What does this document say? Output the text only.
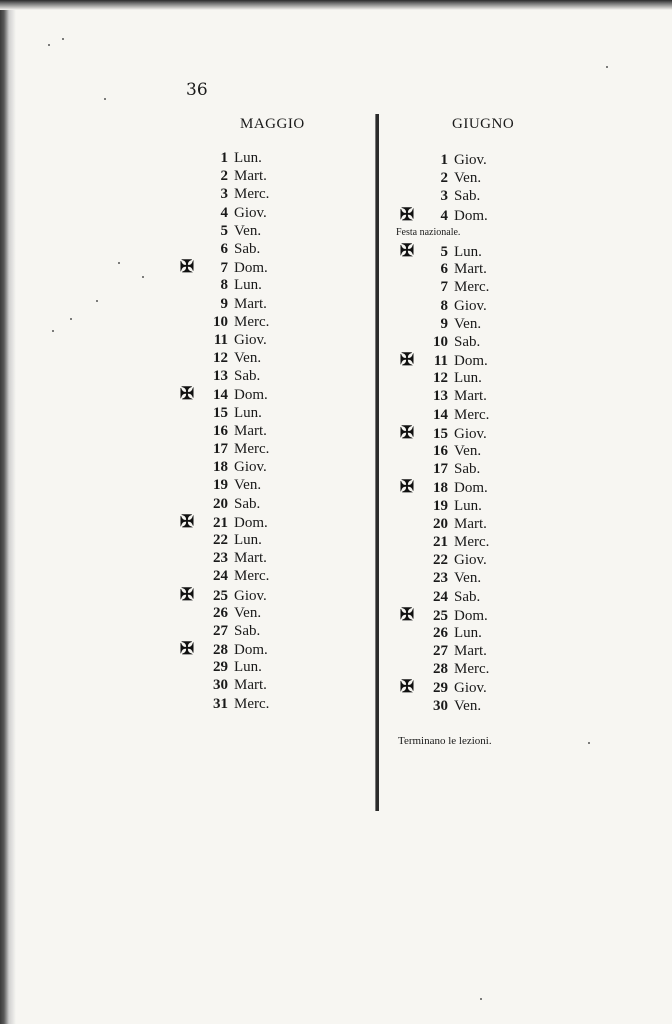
36
MAGGIO	GIUGNO
1 Lun.
2 Mart.
3 Merc.
4 Giov.
5 Ven.
6 Sab.
✠ 7 Dom.
8 Lun.
9 Mart.
10 Merc.
11 Giov.
12 Ven.
13 Sab.
✠ 14 Dom.
15 Lun.
16 Mart.
17 Merc.
18 Giov.
19 Ven.
20 Sab.
✠ 21 Dom.
22 Lun.
23 Mart.
24 Merc.
✠ 25 Giov.
26 Ven.
27 Sab.
✠ 28 Dom.
29 Lun.
30 Mart.
31 Merc.
1 Giov.
2 Ven.
3 Sab.
✠ 4 Dom.
Festa nazionale.
✠ 5 Lun.
6 Mart.
7 Merc.
8 Giov.
9 Ven.
10 Sab.
✠ 11 Dom.
12 Lun.
13 Mart.
14 Merc.
✠ 15 Giov.
16 Ven.
17 Sab.
✠ 18 Dom.
19 Lun.
20 Mart.
21 Merc.
22 Giov.
23 Ven.
24 Sab.
✠ 25 Dom.
26 Lun.
27 Mart.
28 Merc.
✠ 29 Giov.
30 Ven.
Terminano le lezioni.
